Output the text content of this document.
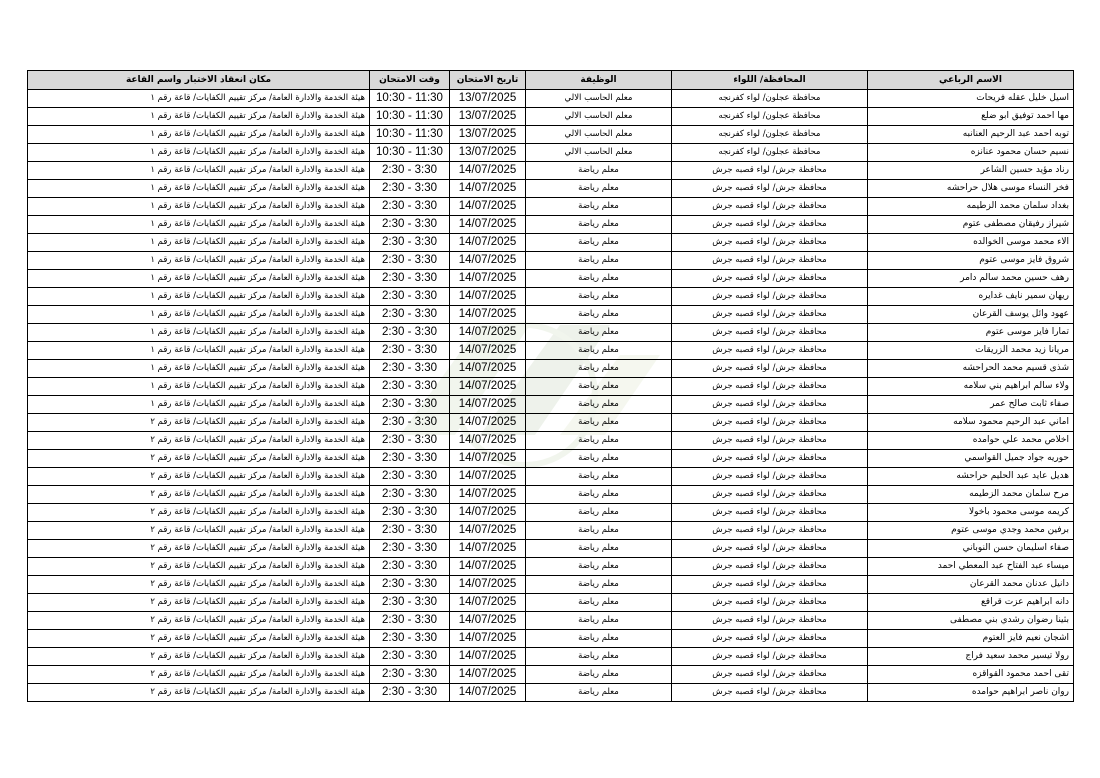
الاسم الرباعي	المحافظة/ اللواء	الوظيفة	تاريخ الامتحان	وقت الامتحان	مكان انعقاد الاختبار واسم القاعة
اسيل خليل عقله فريحات	محافظة عجلون/ لواء كفرنجه	معلم الحاسب الالي	13/07/2025	10:30 - 11:30	هيئة الخدمة والادارة العامة/ مركز تقييم الكفايات/ قاعة رقم ١
مها احمد توفيق ابو ضلع	محافظة عجلون/ لواء كفرنجه	معلم الحاسب الالي	13/07/2025	10:30 - 11:30	هيئة الخدمة والادارة العامة/ مركز تقييم الكفايات/ قاعة رقم ١
توبه احمد عبد الرحيم العنانبه	محافظة عجلون/ لواء كفرنجه	معلم الحاسب الالي	13/07/2025	10:30 - 11:30	هيئة الخدمة والادارة العامة/ مركز تقييم الكفايات/ قاعة رقم ١
نسيم حسان محمود عنانزه	محافظة عجلون/ لواء كفرنجه	معلم الحاسب الالي	13/07/2025	10:30 - 11:30	هيئة الخدمة والادارة العامة/ مركز تقييم الكفايات/ قاعة رقم ١
رناد مؤيد حسين الشاعر	محافظة جرش/ لواء قصبه جرش	معلم رياضة	14/07/2025	2:30 - 3:30	هيئة الخدمة والادارة العامة/ مركز تقييم الكفايات/ قاعة رقم ١
فخر النساء موسى هلال حراحشه	محافظة جرش/ لواء قصبه جرش	معلم رياضة	14/07/2025	2:30 - 3:30	هيئة الخدمة والادارة العامة/ مركز تقييم الكفايات/ قاعة رقم ١
بغداد سلمان محمد الزطيمه	محافظة جرش/ لواء قصبه جرش	معلم رياضة	14/07/2025	2:30 - 3:30	هيئة الخدمة والادارة العامة/ مركز تقييم الكفايات/ قاعة رقم ١
شيراز رفيقان مصطفى عتوم	محافظة جرش/ لواء قصبه جرش	معلم رياضة	14/07/2025	2:30 - 3:30	هيئة الخدمة والادارة العامة/ مركز تقييم الكفايات/ قاعة رقم ١
الاء محمد موسى الخوالده	محافظة جرش/ لواء قصبه جرش	معلم رياضة	14/07/2025	2:30 - 3:30	هيئة الخدمة والادارة العامة/ مركز تقييم الكفايات/ قاعة رقم ١
شروق فايز موسى عتوم	محافظة جرش/ لواء قصبه جرش	معلم رياضة	14/07/2025	2:30 - 3:30	هيئة الخدمة والادارة العامة/ مركز تقييم الكفايات/ قاعة رقم ١
رهف حسين محمد سالم دامر	محافظة جرش/ لواء قصبه جرش	معلم رياضة	14/07/2025	2:30 - 3:30	هيئة الخدمة والادارة العامة/ مركز تقييم الكفايات/ قاعة رقم ١
ريهان سمير نايف غدايره	محافظة جرش/ لواء قصبه جرش	معلم رياضة	14/07/2025	2:30 - 3:30	هيئة الخدمة والادارة العامة/ مركز تقييم الكفايات/ قاعة رقم ١
عهود وائل يوسف القرعان	محافظة جرش/ لواء قصبه جرش	معلم رياضة	14/07/2025	2:30 - 3:30	هيئة الخدمة والادارة العامة/ مركز تقييم الكفايات/ قاعة رقم ١
تمارا فايز موسى عتوم	محافظة جرش/ لواء قصبه جرش	معلم رياضة	14/07/2025	2:30 - 3:30	هيئة الخدمة والادارة العامة/ مركز تقييم الكفايات/ قاعة رقم ١
مريانا زيد محمد الزريقات	محافظة جرش/ لواء قصبه جرش	معلم رياضة	14/07/2025	2:30 - 3:30	هيئة الخدمة والادارة العامة/ مركز تقييم الكفايات/ قاعة رقم ١
شذى قسيم محمد الحراحشه	محافظة جرش/ لواء قصبه جرش	معلم رياضة	14/07/2025	2:30 - 3:30	هيئة الخدمة والادارة العامة/ مركز تقييم الكفايات/ قاعة رقم ١
ولاء سالم ابراهيم بني سلامه	محافظة جرش/ لواء قصبه جرش	معلم رياضة	14/07/2025	2:30 - 3:30	هيئة الخدمة والادارة العامة/ مركز تقييم الكفايات/ قاعة رقم ١
صفاء ثابت صالح عمر	محافظة جرش/ لواء قصبه جرش	معلم رياضة	14/07/2025	2:30 - 3:30	هيئة الخدمة والادارة العامة/ مركز تقييم الكفايات/ قاعة رقم ١
اماني عبد الرحيم محمود سلامه	محافظة جرش/ لواء قصبه جرش	معلم رياضة	14/07/2025	2:30 - 3:30	هيئة الخدمة والادارة العامة/ مركز تقييم الكفايات/ قاعة رقم ٢
اخلاص محمد علي حوامده	محافظة جرش/ لواء قصبه جرش	معلم رياضة	14/07/2025	2:30 - 3:30	هيئة الخدمة والادارة العامة/ مركز تقييم الكفايات/ قاعة رقم ٢
حوريه جواد جميل القواسمي	محافظة جرش/ لواء قصبه جرش	معلم رياضة	14/07/2025	2:30 - 3:30	هيئة الخدمة والادارة العامة/ مركز تقييم الكفايات/ قاعة رقم ٢
هديل عايد عبد الحليم حراحشه	محافظة جرش/ لواء قصبه جرش	معلم رياضة	14/07/2025	2:30 - 3:30	هيئة الخدمة والادارة العامة/ مركز تقييم الكفايات/ قاعة رقم ٢
مرح سلمان محمد الزطيمه	محافظة جرش/ لواء قصبه جرش	معلم رياضة	14/07/2025	2:30 - 3:30	هيئة الخدمة والادارة العامة/ مركز تقييم الكفايات/ قاعة رقم ٢
كريمه موسى محمود باخولا	محافظة جرش/ لواء قصبه جرش	معلم رياضة	14/07/2025	2:30 - 3:30	هيئة الخدمة والادارة العامة/ مركز تقييم الكفايات/ قاعة رقم ٢
برفين محمد وجدي موسى عتوم	محافظة جرش/ لواء قصبه جرش	معلم رياضة	14/07/2025	2:30 - 3:30	هيئة الخدمة والادارة العامة/ مركز تقييم الكفايات/ قاعة رقم ٢
صفاء اسليمان حسن النوباني	محافظة جرش/ لواء قصبه جرش	معلم رياضة	14/07/2025	2:30 - 3:30	هيئة الخدمة والادارة العامة/ مركز تقييم الكفايات/ قاعة رقم ٢
ميساء عبد الفتاح عبد المعطي احمد	محافظة جرش/ لواء قصبه جرش	معلم رياضة	14/07/2025	2:30 - 3:30	هيئة الخدمة والادارة العامة/ مركز تقييم الكفايات/ قاعة رقم ٢
دانيل عدنان محمد القرعان	محافظة جرش/ لواء قصبه جرش	معلم رياضة	14/07/2025	2:30 - 3:30	هيئة الخدمة والادارة العامة/ مركز تقييم الكفايات/ قاعة رقم ٢
دانه ابراهيم عزت قراقع	محافظة جرش/ لواء قصبه جرش	معلم رياضة	14/07/2025	2:30 - 3:30	هيئة الخدمة والادارة العامة/ مركز تقييم الكفايات/ قاعة رقم ٢
بثينا رضوان رشدي بني مصطفى	محافظة جرش/ لواء قصبه جرش	معلم رياضة	14/07/2025	2:30 - 3:30	هيئة الخدمة والادارة العامة/ مركز تقييم الكفايات/ قاعة رقم ٢
اشجان نعيم فايز العتوم	محافظة جرش/ لواء قصبه جرش	معلم رياضة	14/07/2025	2:30 - 3:30	هيئة الخدمة والادارة العامة/ مركز تقييم الكفايات/ قاعة رقم ٢
رولا تيسير محمد سعيد فراج	محافظة جرش/ لواء قصبه جرش	معلم رياضة	14/07/2025	2:30 - 3:30	هيئة الخدمة والادارة العامة/ مركز تقييم الكفايات/ قاعة رقم ٢
تقى احمد محمود القواقزه	محافظة جرش/ لواء قصبه جرش	معلم رياضة	14/07/2025	2:30 - 3:30	هيئة الخدمة والادارة العامة/ مركز تقييم الكفايات/ قاعة رقم ٢
روان ناصر ابراهيم حوامده	محافظة جرش/ لواء قصبه جرش	معلم رياضة	14/07/2025	2:30 - 3:30	هيئة الخدمة والادارة العامة/ مركز تقييم الكفايات/ قاعة رقم ٢
